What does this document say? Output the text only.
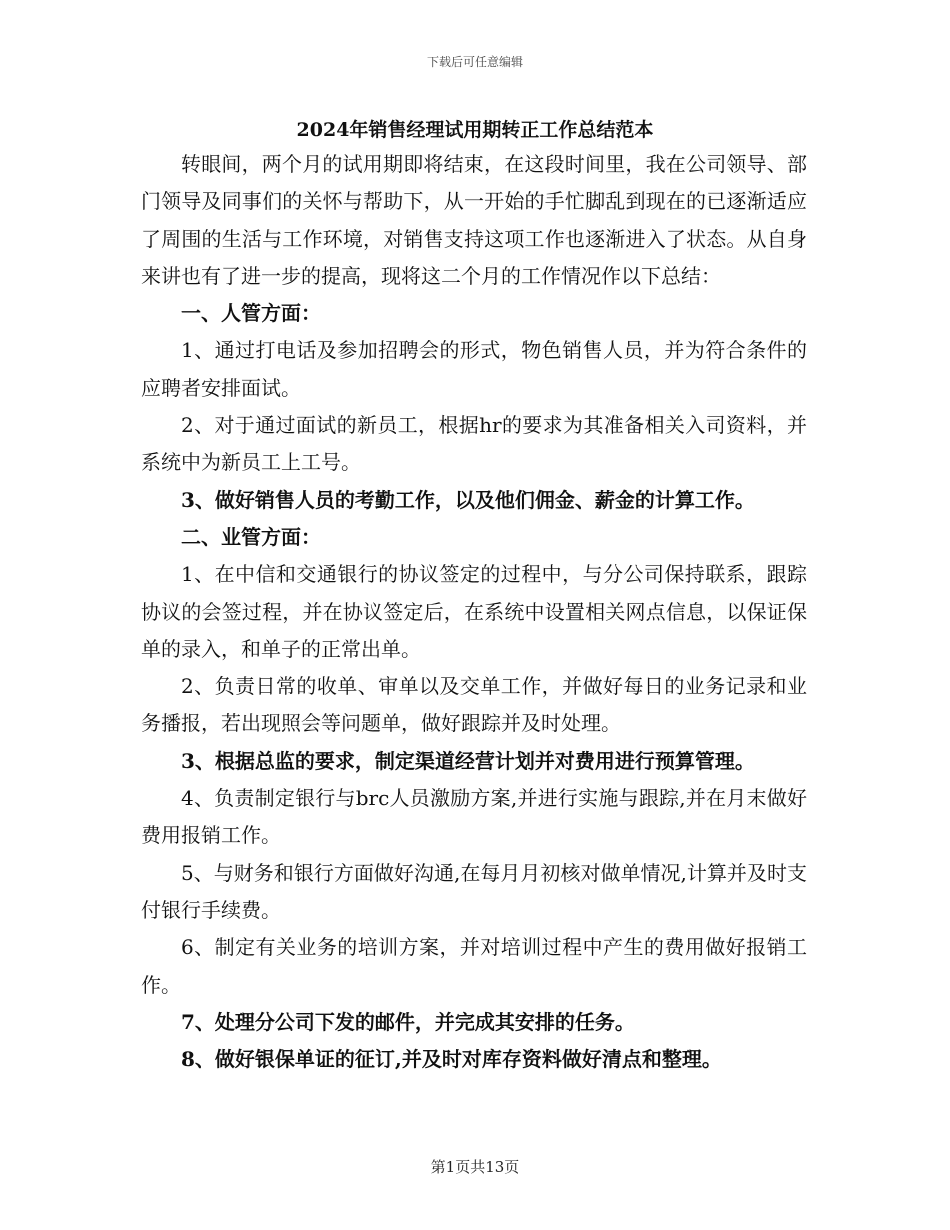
下载后可任意编辑
2024年销售经理试用期转正工作总结范本

转眼间，两个月的试用期即将结束，在这段时间里，我在公司领导、部门领导及同事们的关怀与帮助下，从一开始的手忙脚乱到现在的已逐渐适应了周围的生活与工作环境，对销售支持这项工作也逐渐进入了状态。从自身来讲也有了进一步的提高，现将这二个月的工作情况作以下总结：

一、人管方面：

1、通过打电话及参加招聘会的形式，物色销售人员，并为符合条件的应聘者安排面试。

2、对于通过面试的新员工，根据hr的要求为其准备相关入司资料，并系统中为新员工上工号。

3、做好销售人员的考勤工作，以及他们佣金、薪金的计算工作。

二、业管方面：

1、在中信和交通银行的协议签定的过程中，与分公司保持联系，跟踪协议的会签过程，并在协议签定后，在系统中设置相关网点信息，以保证保单的录入，和单子的正常出单。

2、负责日常的收单、审单以及交单工作，并做好每日的业务记录和业务播报，若出现照会等问题单，做好跟踪并及时处理。

3、根据总监的要求，制定渠道经营计划并对费用进行预算管理。

4、负责制定银行与brc人员激励方案,并进行实施与跟踪,并在月末做好费用报销工作。

5、与财务和银行方面做好沟通,在每月月初核对做单情况,计算并及时支付银行手续费。

6、制定有关业务的培训方案，并对培训过程中产生的费用做好报销工作。

7、处理分公司下发的邮件，并完成其安排的任务。

8、做好银保单证的征订,并及时对库存资料做好清点和整理。

第1页共13页
